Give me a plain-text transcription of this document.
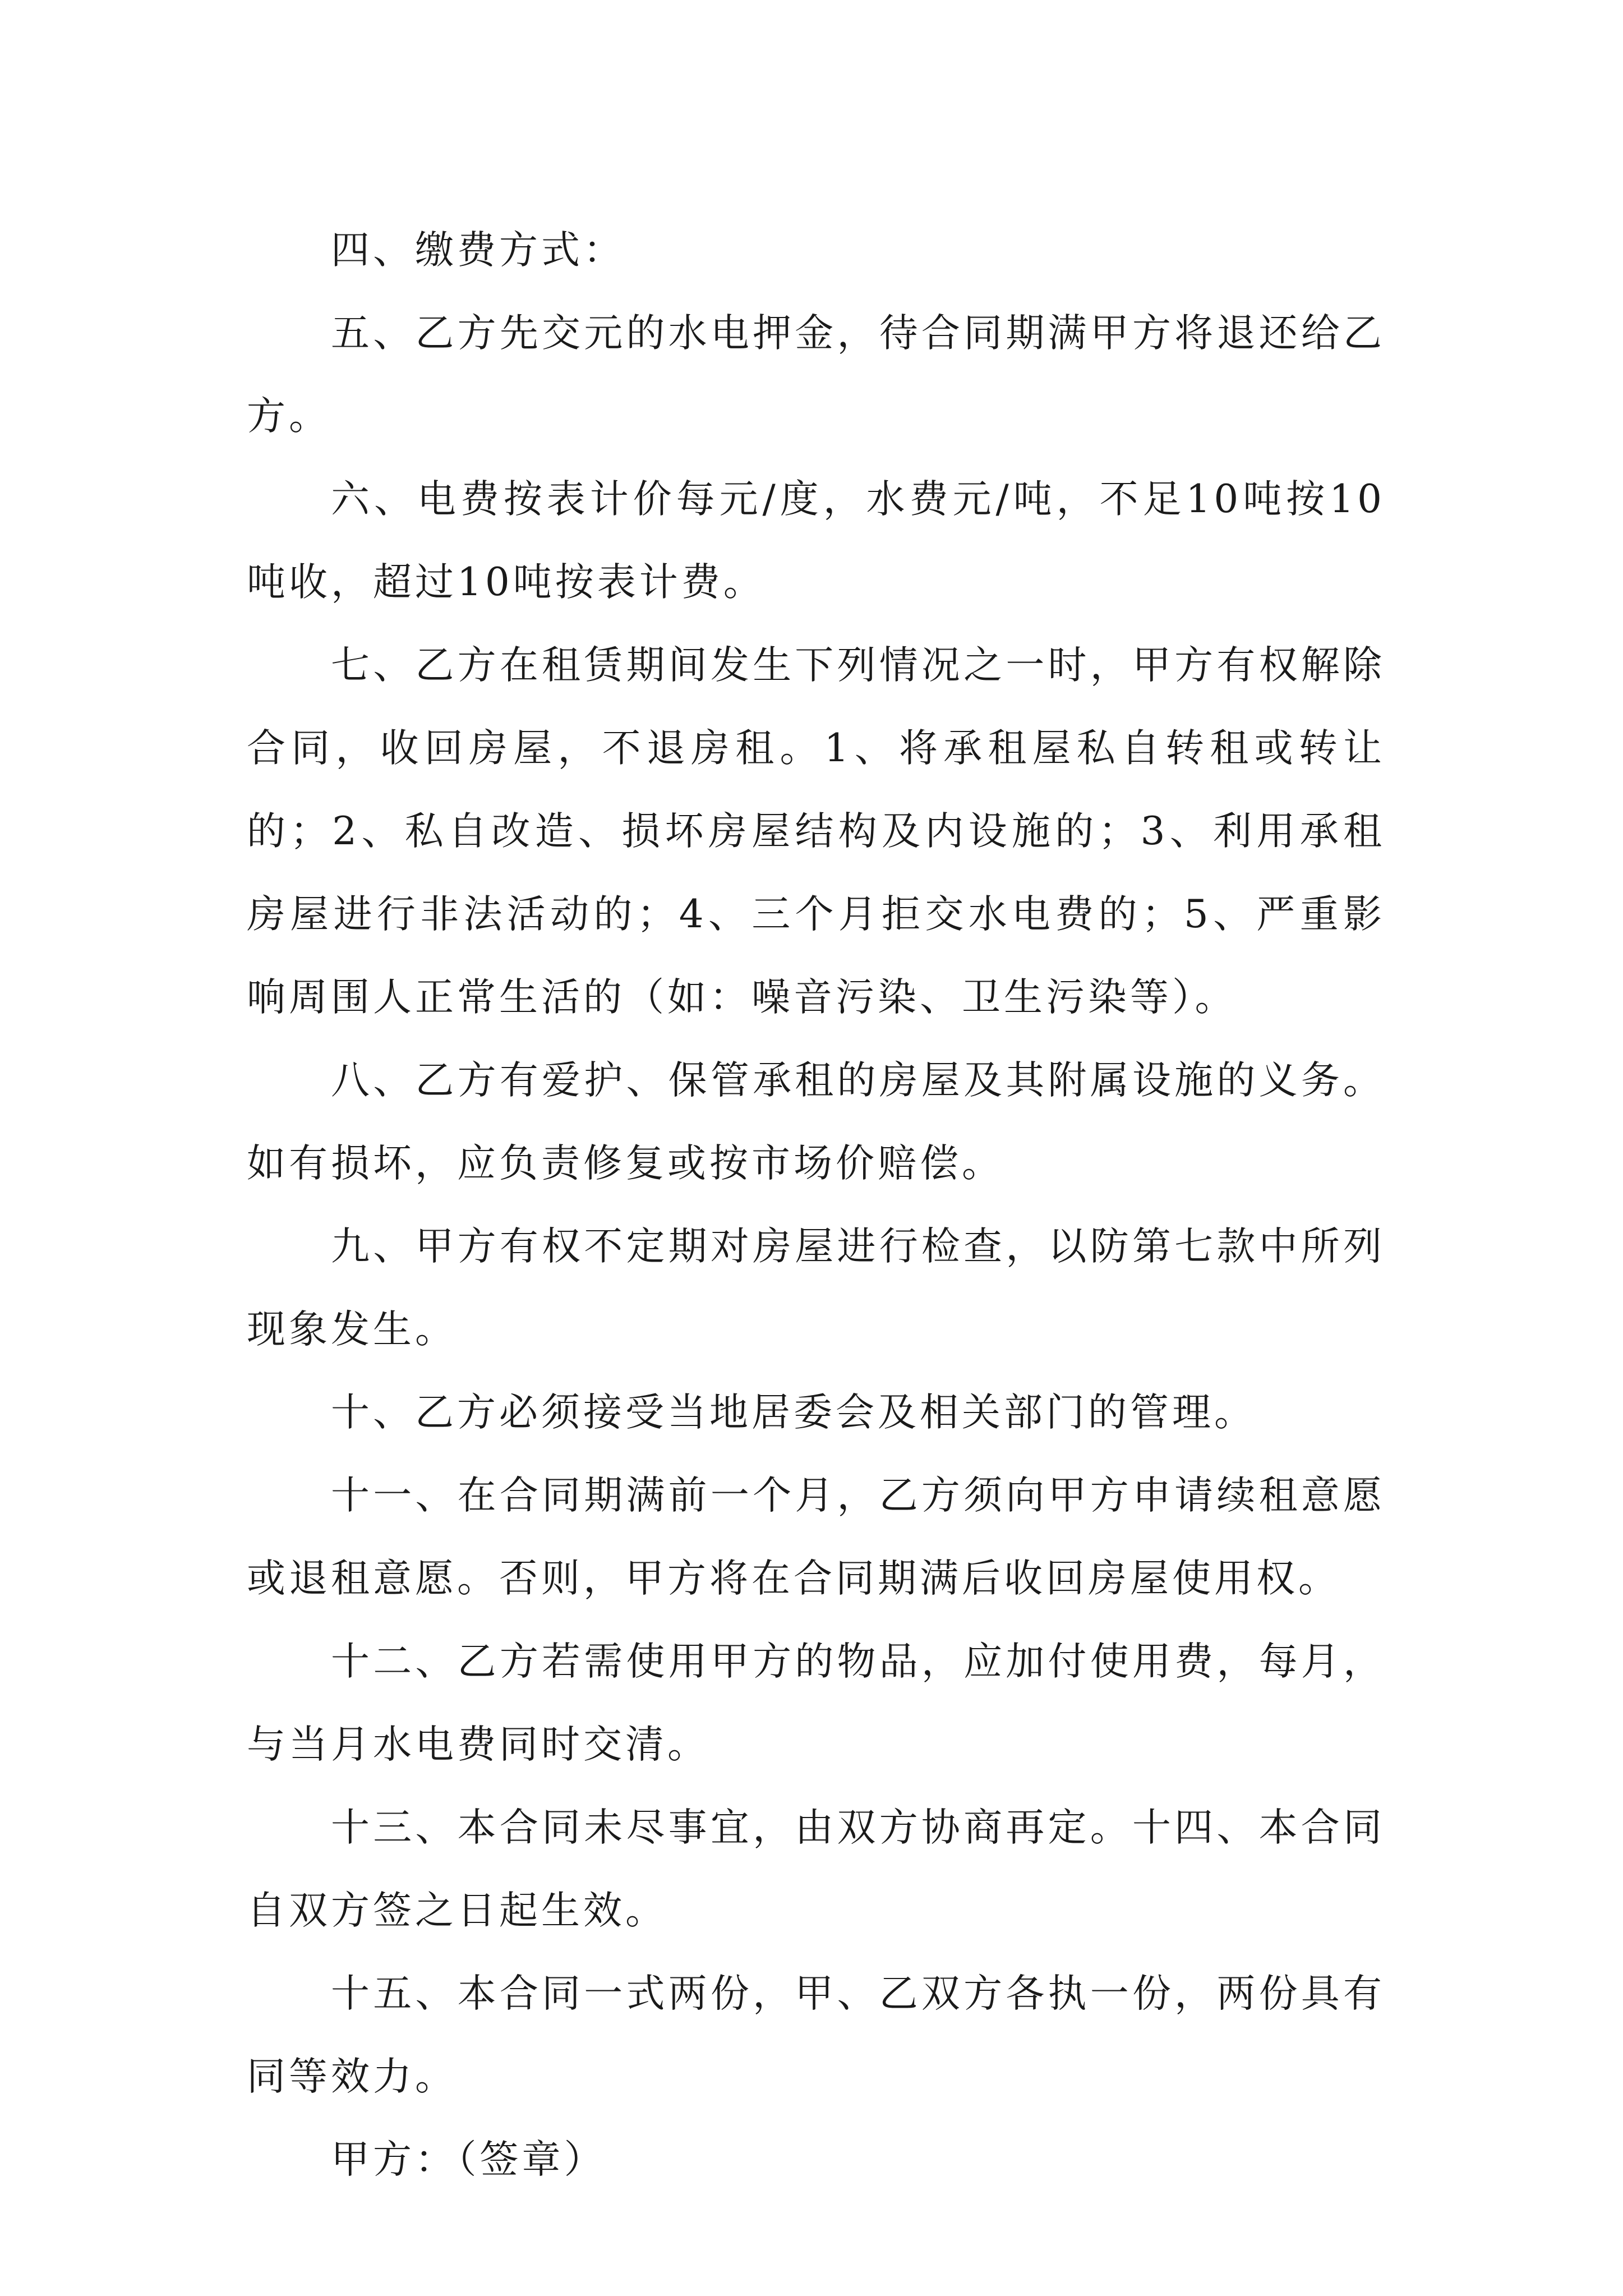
四、缴费方式：

五、乙方先交元的水电押金，待合同期满甲方将退还给乙方。

六、电费按表计价每元/度，水费元/吨，不足10吨按10吨收，超过10吨按表计费。

七、乙方在租赁期间发生下列情况之一时，甲方有权解除合同，收回房屋，不退房租。1、将承租屋私自转租或转让的；2、私自改造、损坏房屋结构及内设施的；3、利用承租房屋进行非法活动的；4、三个月拒交水电费的；5、严重影响周围人正常生活的（如：噪音污染、卫生污染等）。

八、乙方有爱护、保管承租的房屋及其附属设施的义务。如有损坏，应负责修复或按市场价赔偿。

九、甲方有权不定期对房屋进行检查，以防第七款中所列现象发生。

十、乙方必须接受当地居委会及相关部门的管理。

十一、在合同期满前一个月，乙方须向甲方申请续租意愿或退租意愿。否则，甲方将在合同期满后收回房屋使用权。

十二、乙方若需使用甲方的物品，应加付使用费，每月，与当月水电费同时交清。

十三、本合同未尽事宜，由双方协商再定。十四、本合同自双方签之日起生效。

十五、本合同一式两份，甲、乙双方各执一份，两份具有同等效力。

甲方：（签章）
